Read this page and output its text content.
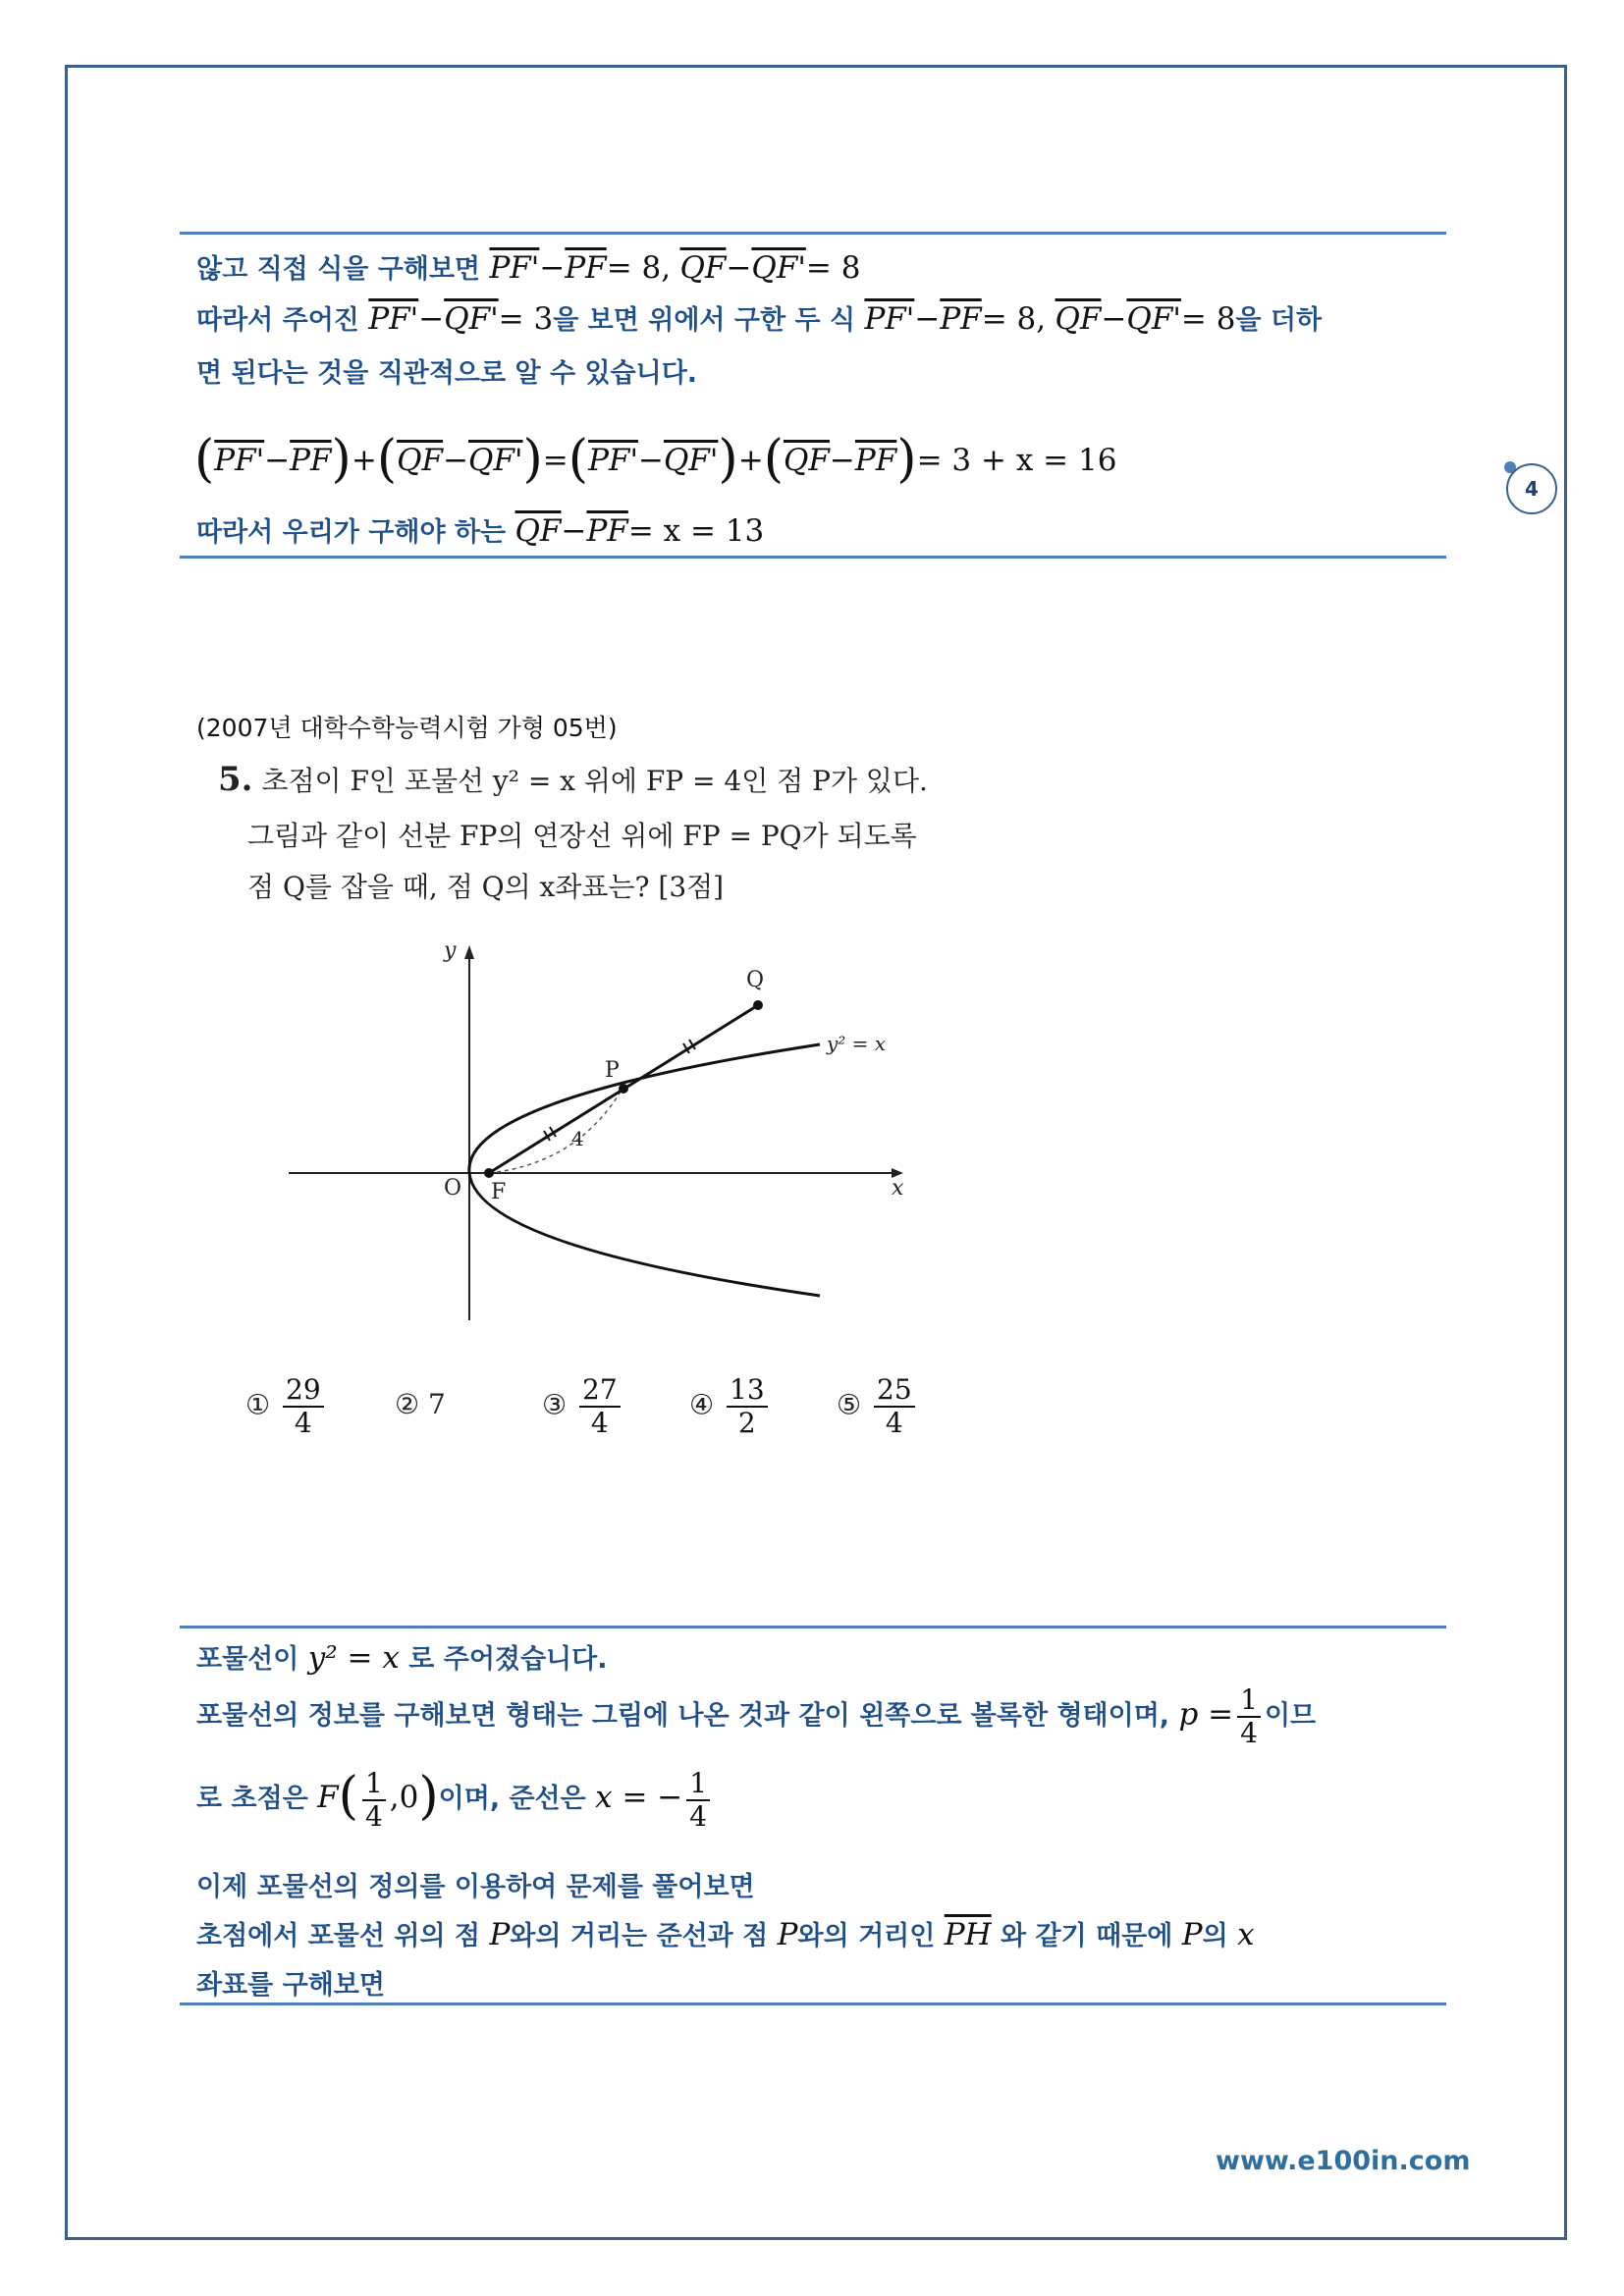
4
않고 직접 식을 구해보면 $PF'-\overline{PF}= 8$, $\overline{QF}-QF'= 8$
따라서 주어진 PF'−QF'= 3을 보면 위에서 구한 두 식 $PF'-\overline{PF}= 8$, $\overline{QF}-QF'= 8$을 더하
면 된다는 것을 직관적으로 알 수 있습니다.
$(PF'-\overline{PF})+(\overline{QF}-QF')=(PF'-QF')+(\overline{QF}-\overline{PF})= 3 + x = 16$
따라서 우리가 구해야 하는 $\overline{QF}-\overline{PF}= x = 13$
(2007년 대학수학능력시험 가형 05번)
5. 초점이 F인 포물선 y² = x 위에 FP = 4인 점 P가 있다.
그림과 같이 선분 FP의 연장선 위에 FP = PQ가 되도록
점 Q를 잡을 때, 점 Q의 x좌표는? [3점]
y
x
O F
P
Q
y² = x
4
① $\frac{29}{4}$	② 7	③ $\frac{27}{4}$	④ $\frac{13}{2}$	⑤ $\frac{25}{4}$
포물선이 y² = x 로 주어졌습니다.
포물선의 정보를 구해보면 형태는 그림에 나온 것과 같이 왼쪽으로 볼록한 형태이며, $p = \frac{1}{4}$ 이므
로 초점은 $F( \frac{1}{4} ,0)$이며, 준선은 x = − $\frac{1}{4}$
이제 포물선의 정의를 이용하여 문제를 풀어보면
초점에서 포물선 위의 점 P와의 거리는 준선과 점 P와의 거리인 $\overline{PH}$ 와 같기 때문에 P의 x
좌표를 구해보면
www.e100in.com
